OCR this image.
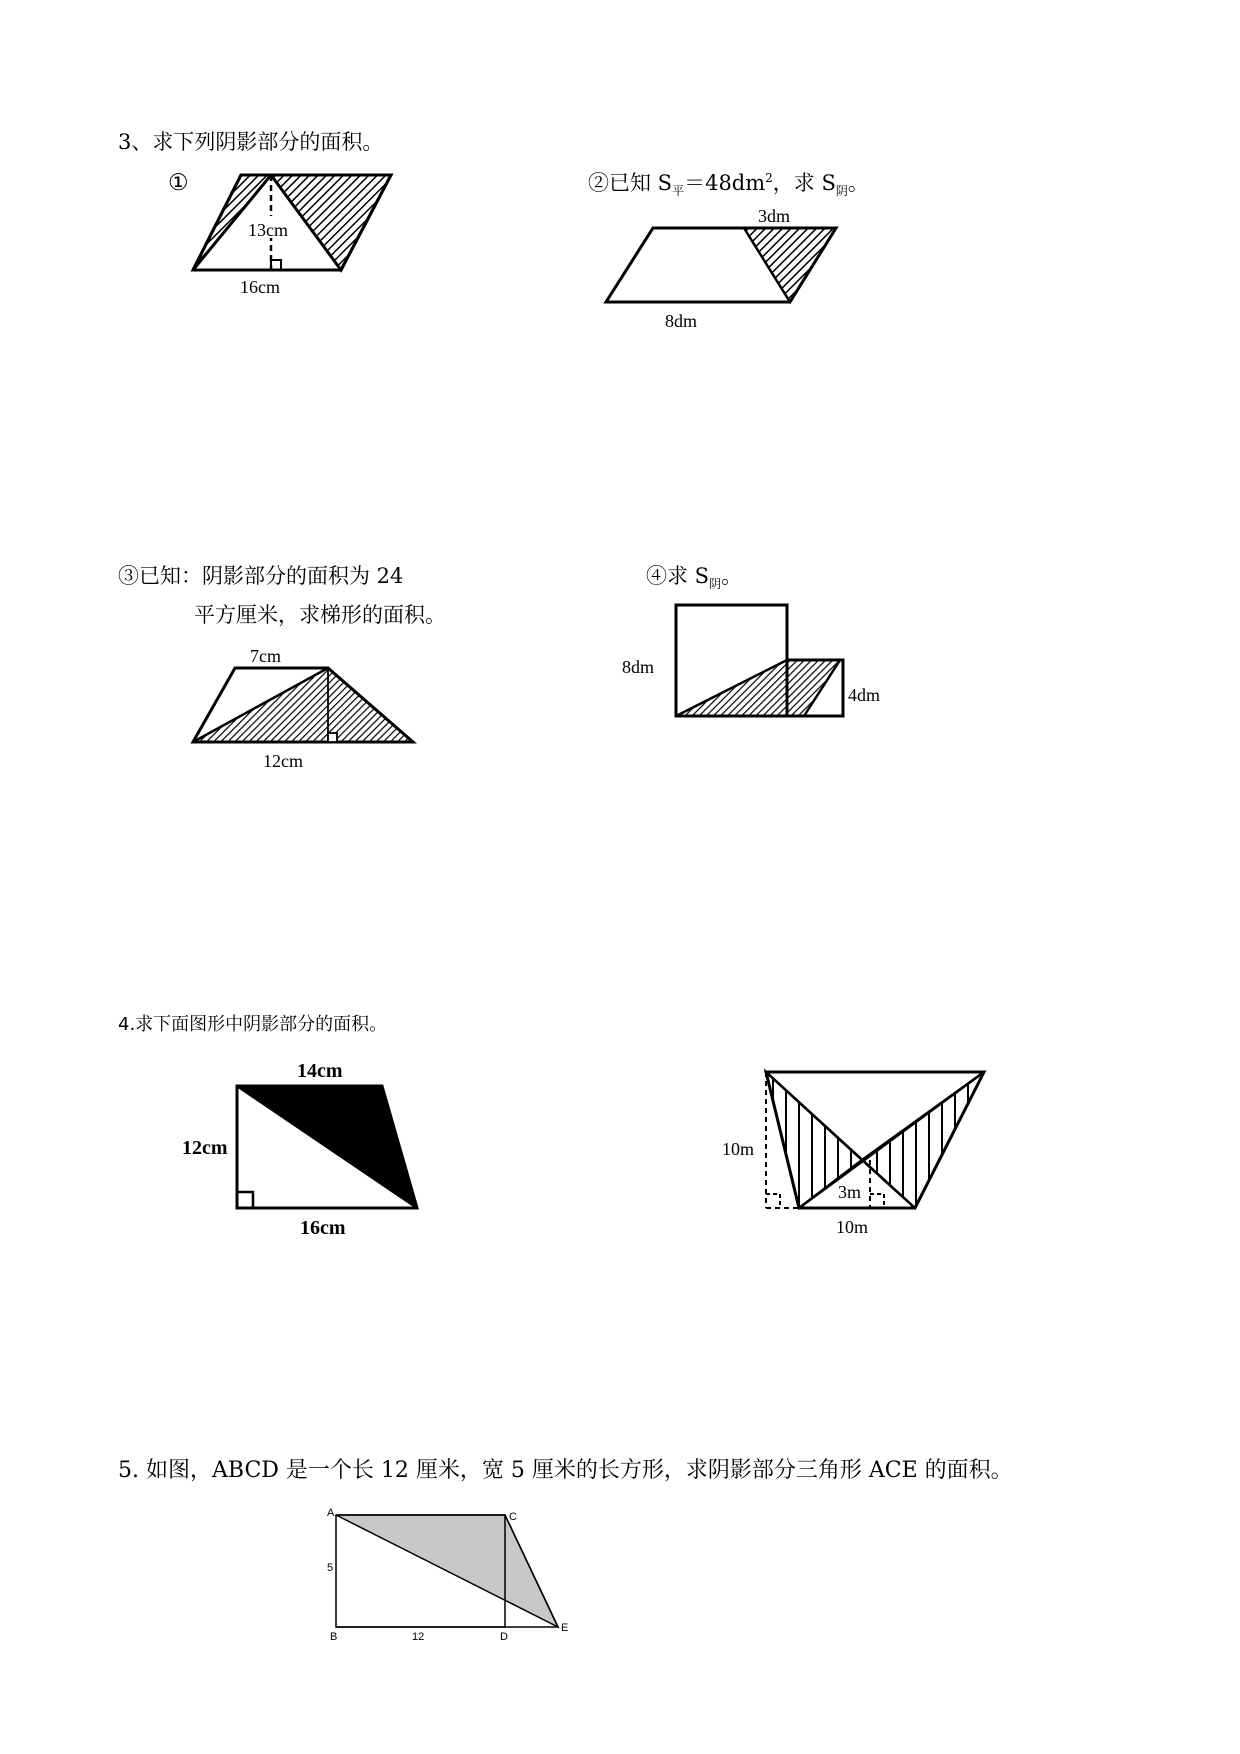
3、求下列阴影部分的面积。
①
13cm
16cm
②已知 $S_平=48dm^2$，求 $S_阴$。
3dm
8dm
③已知：阴影部分的面积为 24
平方厘米，求梯形的面积。
7cm
12cm
④求 $S_阴$。
8dm
4dm
4.求下面图形中阴影部分的面积。
14cm
12cm
16cm
10m
3m
10m
5. 如图，ABCD 是一个长 12 厘米，宽 5 厘米的长方形，求阴影部分三角形 ACE 的面积。
A	C
5
B	12	D
E
